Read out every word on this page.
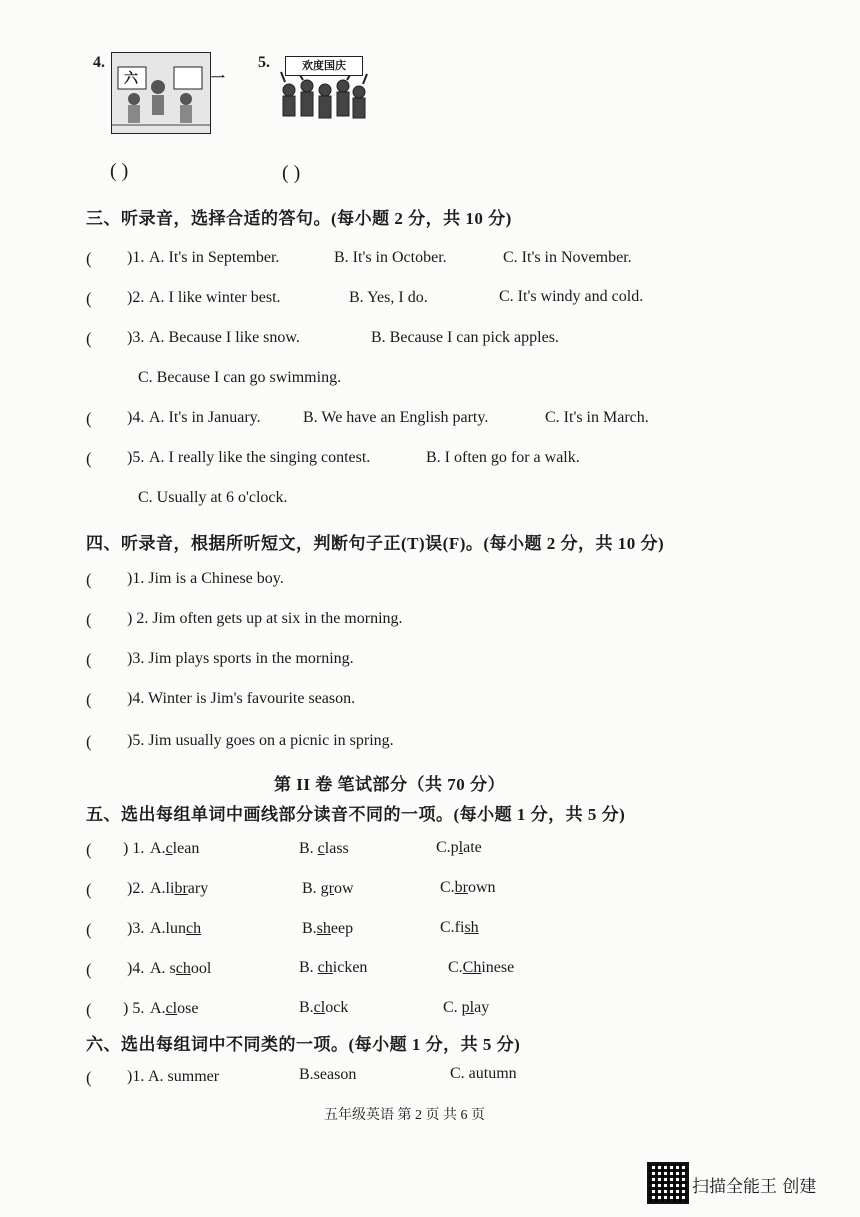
4.
六 一
5.	欢度国庆
( )	( )
三、听录音，选择合适的答句。(每小题 2 分，共 10 分)
( )1. A. It's in September.	B. It's in October.	C. It's in November.
( )2. A. I like winter best.	B. Yes, I do.	C. It's windy and cold.
( )3. A. Because I like snow.	B. Because I can pick apples.
C. Because I can go swimming.
( )4. A. It's in January.	B. We have an English party.	C. It's in March.
( )5. A. I really like the singing contest.	B. I often go for a walk.
C. Usually at 6 o'clock.
四、听录音，根据所听短文，判断句子正(T)误(F)。(每小题 2 分，共 10 分)
( )1. Jim is a Chinese boy.
( ) 2. Jim often gets up at six in the morning.
( )3. Jim plays sports in the morning.
( )4. Winter is Jim's favourite season.
( )5. Jim usually goes on a picnic in spring.
第 II 卷 笔试部分（共 70 分）
五、选出每组单词中画线部分读音不同的一项。(每小题 1 分，共 5 分)
( ) 1. A.clean	B. class	C.plate
( )2. A.library	B. grow	C.brown
( )3. A.lunch	B.sheep	C.fish
( )4. A. school	B. chicken	C.Chinese
( ) 5. A.close	B.clock	C. play
六、选出每组词中不同类的一项。(每小题 1 分，共 5 分)
( )1. A. summer	B.season	C. autumn
五年级英语 第 2 页 共 6 页
扫描全能王 创建
